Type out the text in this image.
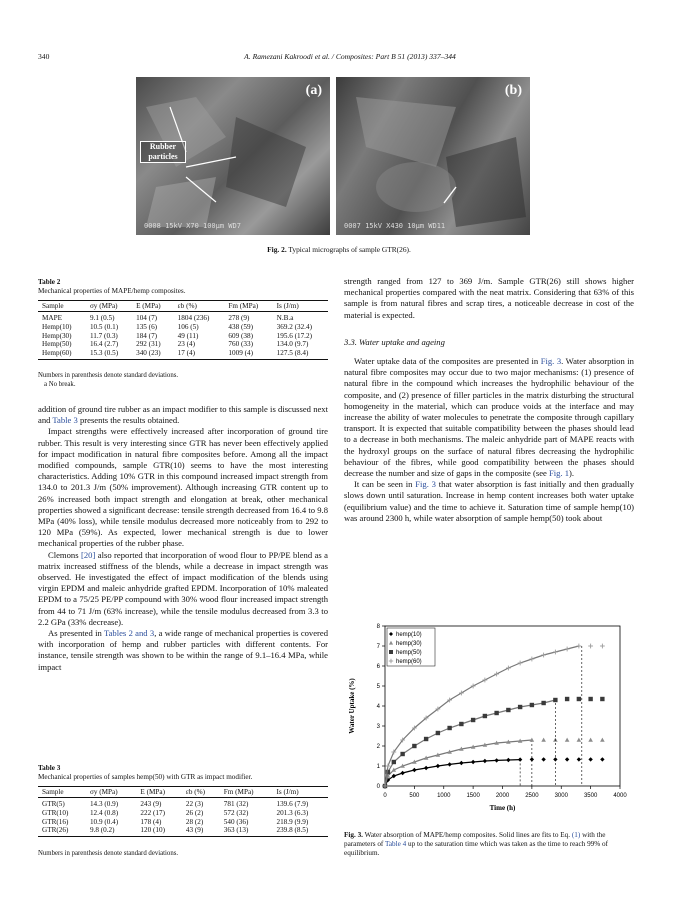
340	A. Ramezani Kakroodi et al. / Composites: Part B 51 (2013) 337–344
(a)
Rubber particles
0008 15kV X70 100µm WD7
(b)
0007 15kV X430 10µm WD11
Fig. 2. Typical micrographs of sample GTR(26).
Table 2
Mechanical properties of MAPE/hemp composites.
Sample	σy (MPa)	E (MPa)	εb (%)	Fm (MPa)	Is (J/m)
MAPE	9.1 (0.5)	104 (7)	1804 (236)	278 (9)	N.B.a
Hemp(10)	10.5 (0.1)	135 (6)	106 (5)	438 (59)	369.2 (32.4)
Hemp(30)	11.7 (0.3)	184 (7)	49 (11)	609 (38)	195.6 (17.2)
Hemp(50)	16.4 (2.7)	292 (31)	23 (4)	760 (33)	134.0 (9.7)
Hemp(60)	15.3 (0.5)	340 (23)	17 (4)	1009 (4)	127.5 (8.4)
Numbers in parenthesis denote standard deviations.
a No break.

addition of ground tire rubber as an impact modifier to this sample is discussed next and Table 3 presents the results obtained.

Impact strengths were effectively increased after incorporation of ground tire rubber. This result is very interesting since GTR has never been effectively applied for impact modification in natural fibre composites before. Among all the impact modified compounds, sample GTR(10) seems to have the most interesting characteristics. Adding 10% GTR in this compound increased impact strength from 134.0 to 201.3 J/m (50% improvement). Although increasing GTR content up to 26% increased both impact strength and elongation at break, other mechanical properties showed a significant decrease: tensile strength decreased from 16.4 to 9.8 MPa (40% loss), while tensile modulus decreased more noticeably from to 292 to 120 MPa (59%). As expected, lower mechanical strength is due to lower mechanical properties of the rubber phase.

Clemons [20] also reported that incorporation of wood flour to PP/PE blend as a matrix increased stiffness of the blends, while a decrease in impact strength was observed. He investigated the effect of impact modification of the blends using virgin EPDM and maleic anhydride grafted EPDM. Incorporation of 10% maleated EPDM to a 75/25 PE/PP compound with 30% wood flour increased impact strength from 44 to 71 J/m (63% increase), while the tensile modulus decreased from 3.3 to 2.2 GPa (33% decrease).

As presented in Tables 2 and 3, a wide range of mechanical properties is covered with incorporation of hemp and rubber particles with different contents. For instance, tensile strength was shown to be within the range of 9.1–16.4 MPa, while impact

Table 3
Mechanical properties of samples hemp(50) with GTR as impact modifier.
Sample	σy (MPa)	E (MPa)	εb (%)	Fm (MPa)	Is (J/m)
GTR(5)	14.3 (0.9)	243 (9)	22 (3)	781 (32)	139.6 (7.9)
GTR(10)	12.4 (0.8)	222 (17)	26 (2)	572 (32)	201.3 (6.3)
GTR(16)	10.9 (0.4)	178 (4)	28 (2)	540 (36)	218.9 (9.9)
GTR(26)	9.8 (0.2)	120 (10)	43 (9)	363 (13)	239.8 (8.5)
Numbers in parenthesis denote standard deviations.

strength ranged from 127 to 369 J/m. Sample GTR(26) still shows higher mechanical properties compared with the neat matrix. Considering that 63% of this sample is from natural fibres and scrap tires, a noticeable decrease in cost of the material is expected.

3.3. Water uptake and ageing

Water uptake data of the composites are presented in Fig. 3. Water absorption in natural fibre composites may occur due to two major mechanisms: (1) presence of natural fibre in the compound which increases the hydrophilic behaviour of the composite, and (2) presence of filler particles in the matrix disturbing the structural homogeneity in the material, which can produce voids at the interface and may increase the ability of water molecules to penetrate the composite through capillary transport. It is expected that suitable compatibility between the phases should lead to a decrease in both mechanisms. The maleic anhydride part of MAPE reacts with the hydroxyl groups on the surface of natural fibres decreasing the hydrophilic behaviour of the fibres, while good compatibility between the phases should decrease the number and size of gaps in the composite (see Fig. 1).

It can be seen in Fig. 3 that water absorption is fast initially and then gradually slows down until saturation. Increase in hemp content increases both water uptake (equilibrium value) and the time to achieve it. Saturation time of sample hemp(10) was around 2300 h, while water absorption of sample hemp(50) took about

0	500	1000	1500	2000	2500	3000	3500	4000
0
1
2
3
4
5
6
7
8
Time (h)
Water Uptake (%)
hemp(10)
hemp(30)
hemp(50)
hemp(60)
Fig. 3. Water absorption of MAPE/hemp composites. Solid lines are fits to Eq. (1) with the parameters of Table 4 up to the saturation time which was taken as the time to reach 99% of equilibrium.
